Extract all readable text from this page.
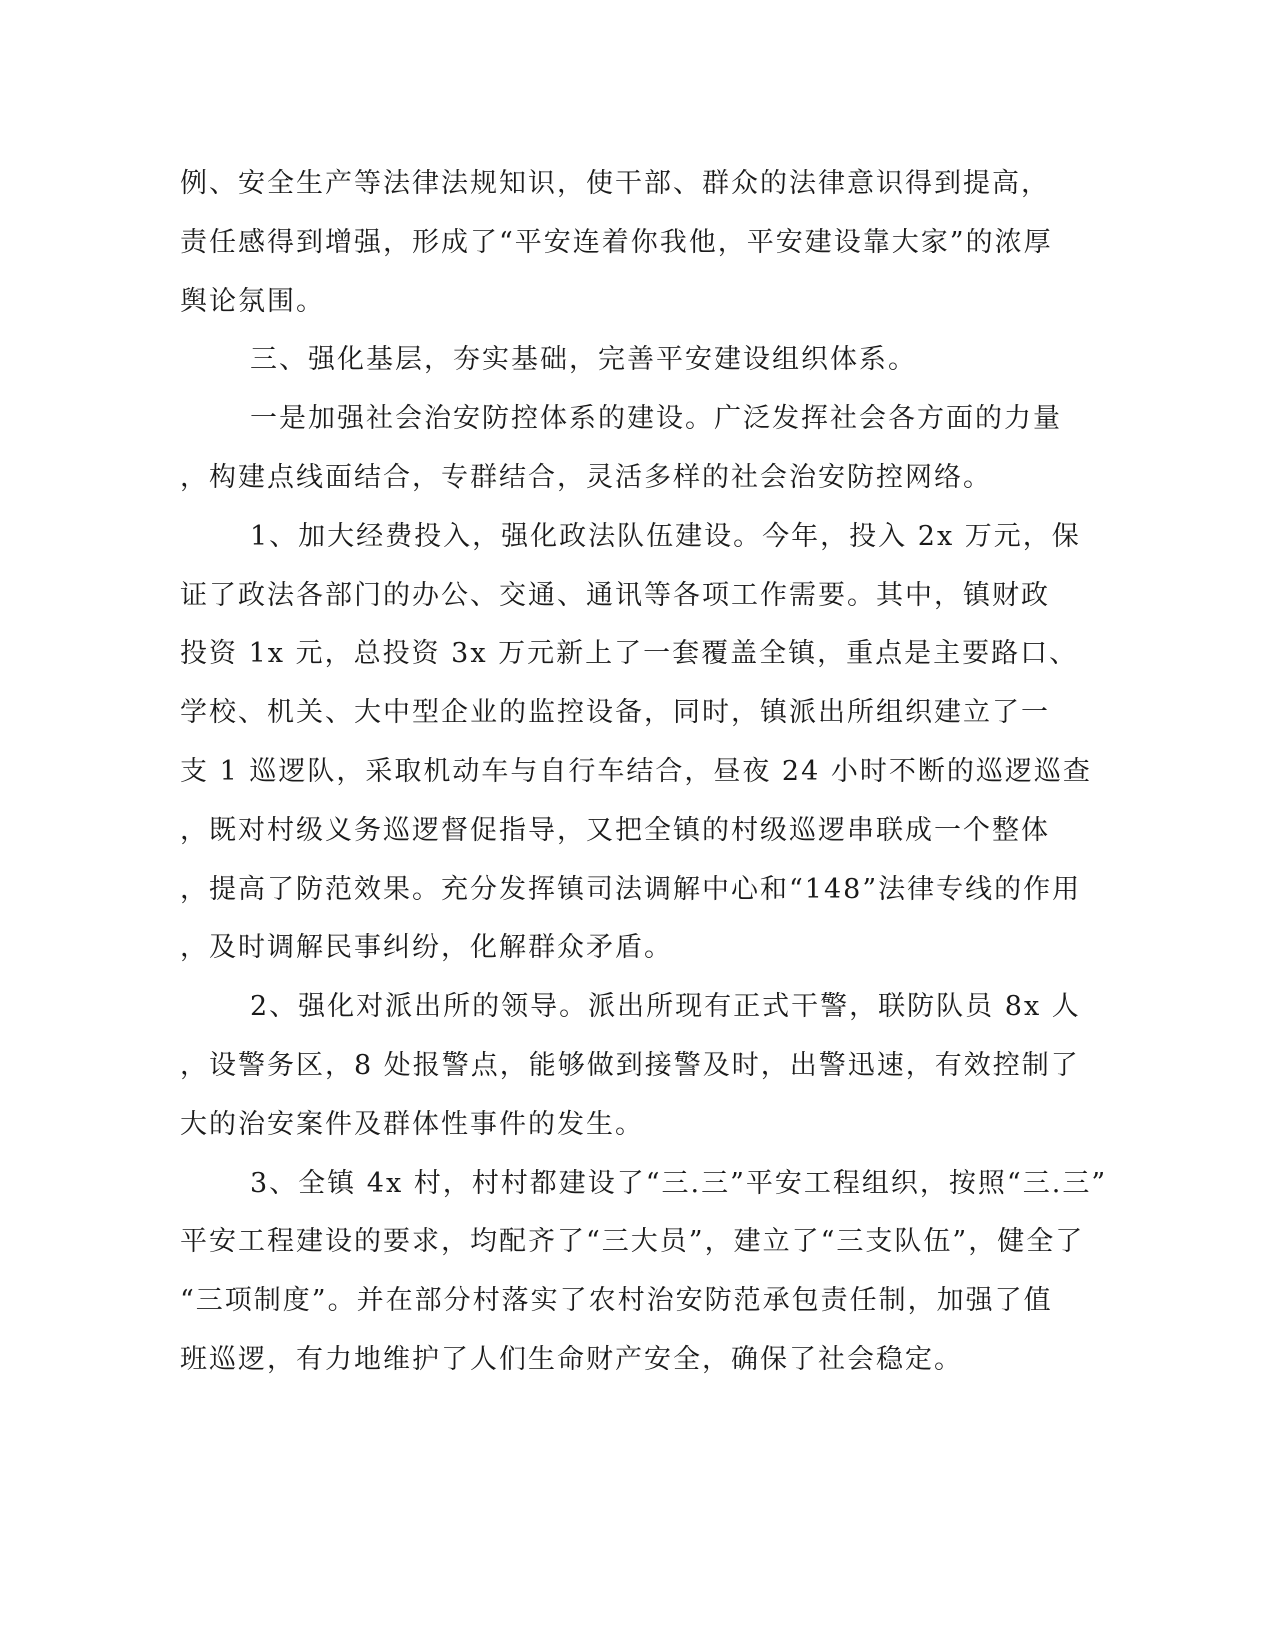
例、安全生产等法律法规知识，使干部、群众的法律意识得到提高，
责任感得到增强，形成了“平安连着你我他，平安建设靠大家”的浓厚
舆论氛围。
三、强化基层，夯实基础，完善平安建设组织体系。
一是加强社会治安防控体系的建设。广泛发挥社会各方面的力量
，构建点线面结合，专群结合，灵活多样的社会治安防控网络。
1、加大经费投入，强化政法队伍建设。今年，投入 2x 万元，保
证了政法各部门的办公、交通、通讯等各项工作需要。其中，镇财政
投资 1x 元，总投资 3x 万元新上了一套覆盖全镇，重点是主要路口、
学校、机关、大中型企业的监控设备，同时，镇派出所组织建立了一
支 1 巡逻队，采取机动车与自行车结合，昼夜 24 小时不断的巡逻巡查
，既对村级义务巡逻督促指导，又把全镇的村级巡逻串联成一个整体
，提高了防范效果。充分发挥镇司法调解中心和“148”法律专线的作用
，及时调解民事纠纷，化解群众矛盾。
2、强化对派出所的领导。派出所现有正式干警，联防队员 8x 人
，设警务区，8 处报警点，能够做到接警及时，出警迅速，有效控制了
大的治安案件及群体性事件的发生。
3、全镇 4x 村，村村都建设了“三.三”平安工程组织，按照“三.三”
平安工程建设的要求，均配齐了“三大员”，建立了“三支队伍”，健全了
“三项制度”。并在部分村落实了农村治安防范承包责任制，加强了值
班巡逻，有力地维护了人们生命财产安全，确保了社会稳定。
